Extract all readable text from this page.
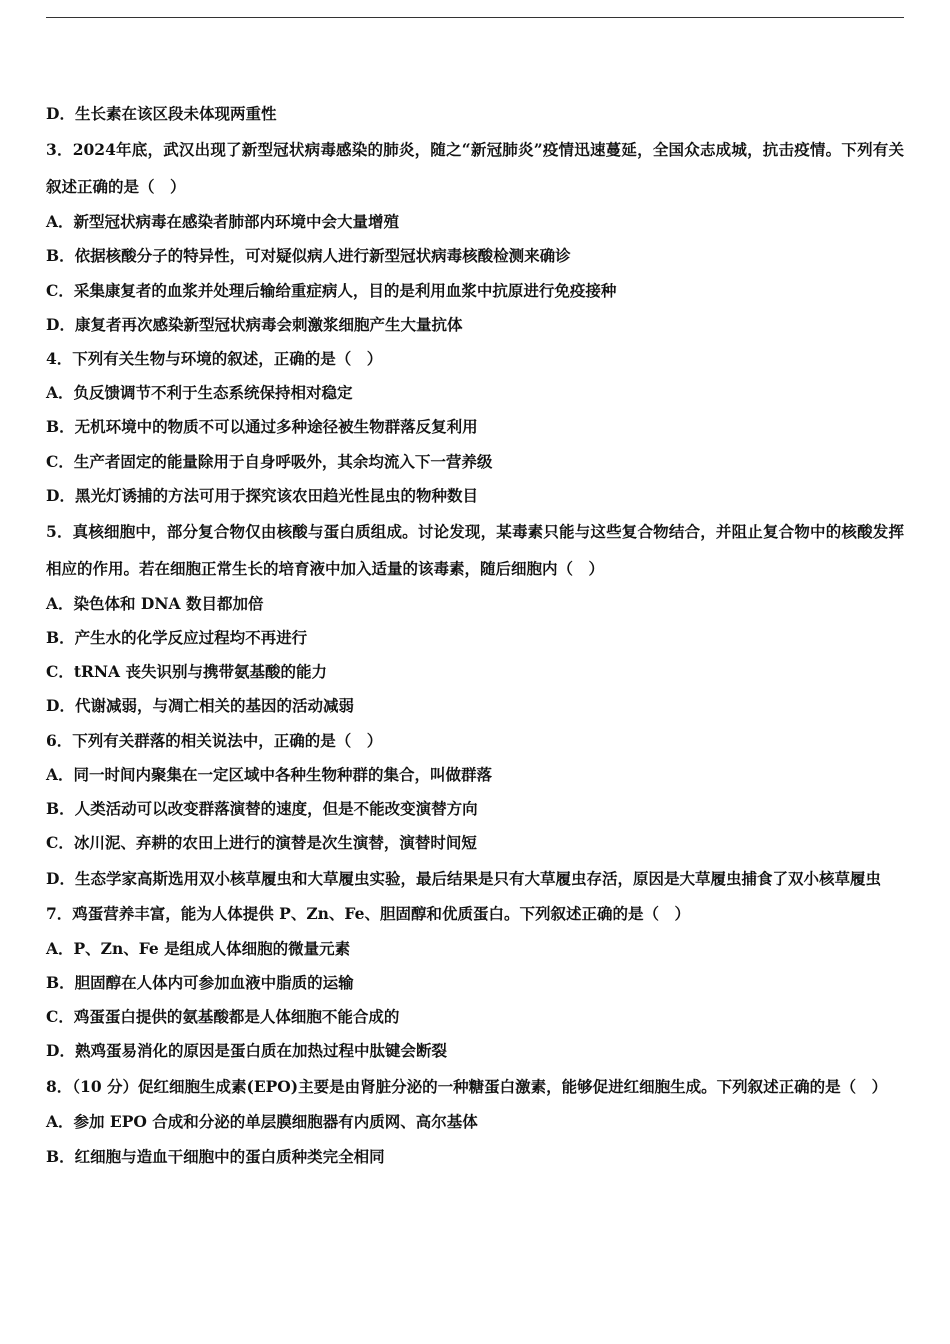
D．生长素在该区段未体现两重性
3．2024年底，武汉出现了新型冠状病毒感染的肺炎，随之“新冠肺炎”疫情迅速蔓延，全国众志成城，抗击疫情。下列有关叙述正确的是（　）
A．新型冠状病毒在感染者肺部内环境中会大量增殖
B．依据核酸分子的特异性，可对疑似病人进行新型冠状病毒核酸检测来确诊
C．采集康复者的血浆并处理后输给重症病人，目的是利用血浆中抗原进行免疫接种
D．康复者再次感染新型冠状病毒会刺激浆细胞产生大量抗体
4．下列有关生物与环境的叙述，正确的是（　）
A．负反馈调节不利于生态系统保持相对稳定
B．无机环境中的物质不可以通过多种途径被生物群落反复利用
C．生产者固定的能量除用于自身呼吸外，其余均流入下一营养级
D．黑光灯诱捕的方法可用于探究该农田趋光性昆虫的物种数目
5．真核细胞中，部分复合物仅由核酸与蛋白质组成。讨论发现，某毒素只能与这些复合物结合，并阻止复合物中的核酸发挥相应的作用。若在细胞正常生长的培育液中加入适量的该毒素，随后细胞内（　）
A．染色体和 DNA 数目都加倍
B．产生水的化学反应过程均不再进行
C．tRNA 丧失识别与携带氨基酸的能力
D．代谢减弱，与凋亡相关的基因的活动减弱
6．下列有关群落的相关说法中，正确的是（　）
A．同一时间内聚集在一定区域中各种生物种群的集合，叫做群落
B．人类活动可以改变群落演替的速度，但是不能改变演替方向
C．冰川泥、弃耕的农田上进行的演替是次生演替，演替时间短
D．生态学家高斯选用双小核草履虫和大草履虫实验，最后结果是只有大草履虫存活，原因是大草履虫捕食了双小核草履虫
7．鸡蛋营养丰富，能为人体提供 P、Zn、Fe、胆固醇和优质蛋白。下列叙述正确的是（　）
A．P、Zn、Fe 是组成人体细胞的微量元素
B．胆固醇在人体内可参加血液中脂质的运输
C．鸡蛋蛋白提供的氨基酸都是人体细胞不能合成的
D．熟鸡蛋易消化的原因是蛋白质在加热过程中肽键会断裂
8．（10 分）促红细胞生成素(EPO)主要是由肾脏分泌的一种糖蛋白激素，能够促进红细胞生成。下列叙述正确的是（　）
A．参加 EPO 合成和分泌的单层膜细胞器有内质网、高尔基体
B．红细胞与造血干细胞中的蛋白质种类完全相同
